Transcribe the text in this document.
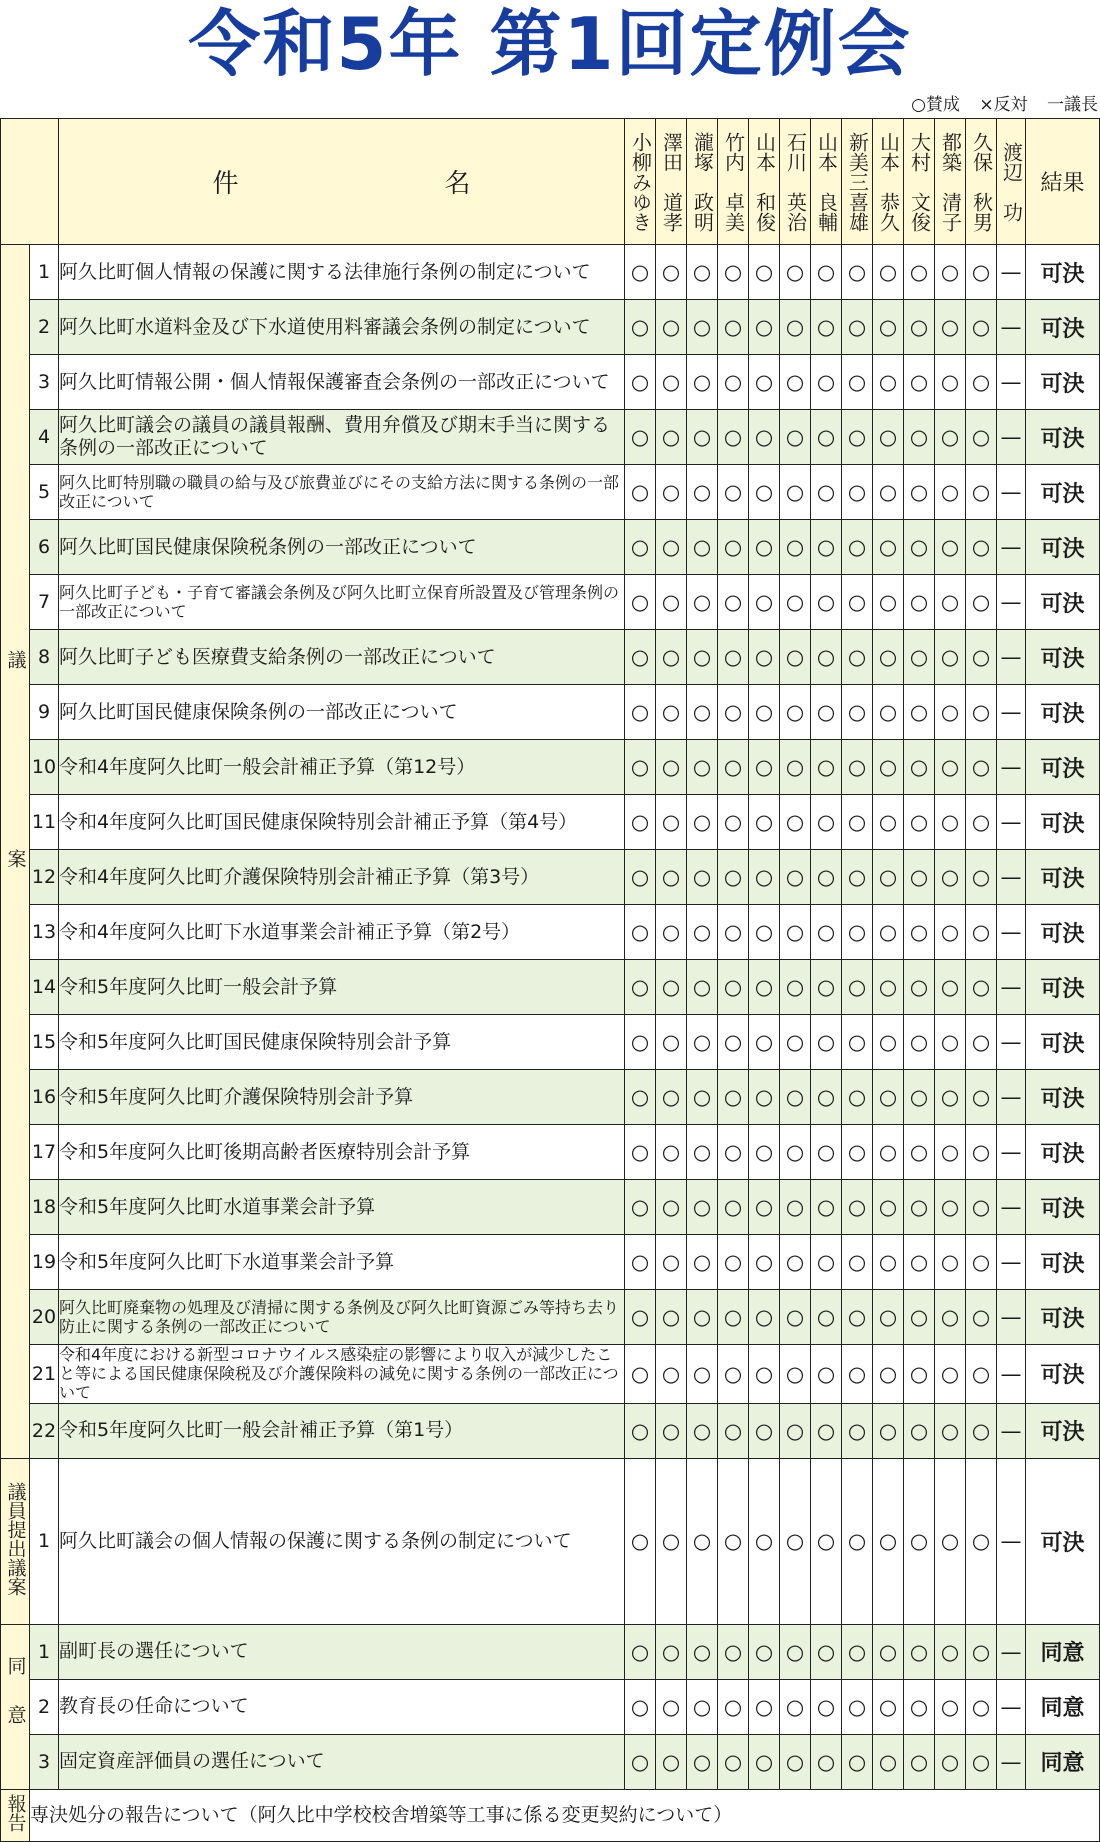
令和5年 第1回定例会
○賛成 ×反対 一議長
		件　名	小柳みゆき	澤田　道孝	瀧塚　政明	竹内　卓美	山本　和俊	石川　英治	山本　良輔	新美三喜雄	山本　恭久	大村　文俊	都築　清子	久保　秋男	渡辺　功	結果
議案	1	阿久比町個人情報の保護に関する法律施行条例の制定について	○	○	○	○	○	○	○	○	○	○	○	○	—	可決
	2	阿久比町水道料金及び下水道使用料審議会条例の制定について	○	○	○	○	○	○	○	○	○	○	○	○	—	可決
	3	阿久比町情報公開・個人情報保護審査会条例の一部改正について	○	○	○	○	○	○	○	○	○	○	○	○	—	可決
	4	阿久比町議会の議員の議員報酬、費用弁償及び期末手当に関する条例の一部改正について	○	○	○	○	○	○	○	○	○	○	○	○	—	可決
	5	阿久比町特別職の職員の給与及び旅費並びにその支給方法に関する条例の一部改正について	○	○	○	○	○	○	○	○	○	○	○	○	—	可決
	6	阿久比町国民健康保険税条例の一部改正について	○	○	○	○	○	○	○	○	○	○	○	○	—	可決
	7	阿久比町子ども・子育て審議会条例及び阿久比町立保育所設置及び管理条例の一部改正について	○	○	○	○	○	○	○	○	○	○	○	○	—	可決
	8	阿久比町子ども医療費支給条例の一部改正について	○	○	○	○	○	○	○	○	○	○	○	○	—	可決
	9	阿久比町国民健康保険条例の一部改正について	○	○	○	○	○	○	○	○	○	○	○	○	—	可決
	10	令和4年度阿久比町一般会計補正予算（第12号）	○	○	○	○	○	○	○	○	○	○	○	○	—	可決
	11	令和4年度阿久比町国民健康保険特別会計補正予算（第4号）	○	○	○	○	○	○	○	○	○	○	○	○	—	可決
	12	令和4年度阿久比町介護保険特別会計補正予算（第3号）	○	○	○	○	○	○	○	○	○	○	○	○	—	可決
	13	令和4年度阿久比町下水道事業会計補正予算（第2号）	○	○	○	○	○	○	○	○	○	○	○	○	—	可決
	14	令和5年度阿久比町一般会計予算	○	○	○	○	○	○	○	○	○	○	○	○	—	可決
	15	令和5年度阿久比町国民健康保険特別会計予算	○	○	○	○	○	○	○	○	○	○	○	○	—	可決
	16	令和5年度阿久比町介護保険特別会計予算	○	○	○	○	○	○	○	○	○	○	○	○	—	可決
	17	令和5年度阿久比町後期高齢者医療特別会計予算	○	○	○	○	○	○	○	○	○	○	○	○	—	可決
	18	令和5年度阿久比町水道事業会計予算	○	○	○	○	○	○	○	○	○	○	○	○	—	可決
	19	令和5年度阿久比町下水道事業会計予算	○	○	○	○	○	○	○	○	○	○	○	○	—	可決
	20	阿久比町廃棄物の処理及び清掃に関する条例及び阿久比町資源ごみ等持ち去り防止に関する条例の一部改正について	○	○	○	○	○	○	○	○	○	○	○	○	—	可決
	21	令和4年度における新型コロナウイルス感染症の影響により収入が減少したこと等による国民健康保険税及び介護保険料の減免に関する条例の一部改正について	○	○	○	○	○	○	○	○	○	○	○	○	—	可決
	22	令和5年度阿久比町一般会計補正予算（第1号）	○	○	○	○	○	○	○	○	○	○	○	○	—	可決
議員提出議案	1	阿久比町議会の個人情報の保護に関する条例の制定について	○	○	○	○	○	○	○	○	○	○	○	○	—	可決
同意	1	副町長の選任について	○	○	○	○	○	○	○	○	○	○	○	○	—	同意
	2	教育長の任命について	○	○	○	○	○	○	○	○	○	○	○	○	—	同意
	3	固定資産評価員の選任について	○	○	○	○	○	○	○	○	○	○	○	○	—	同意
報告	専決処分の報告について（阿久比中学校校舎増築等工事に係る変更契約について）															
